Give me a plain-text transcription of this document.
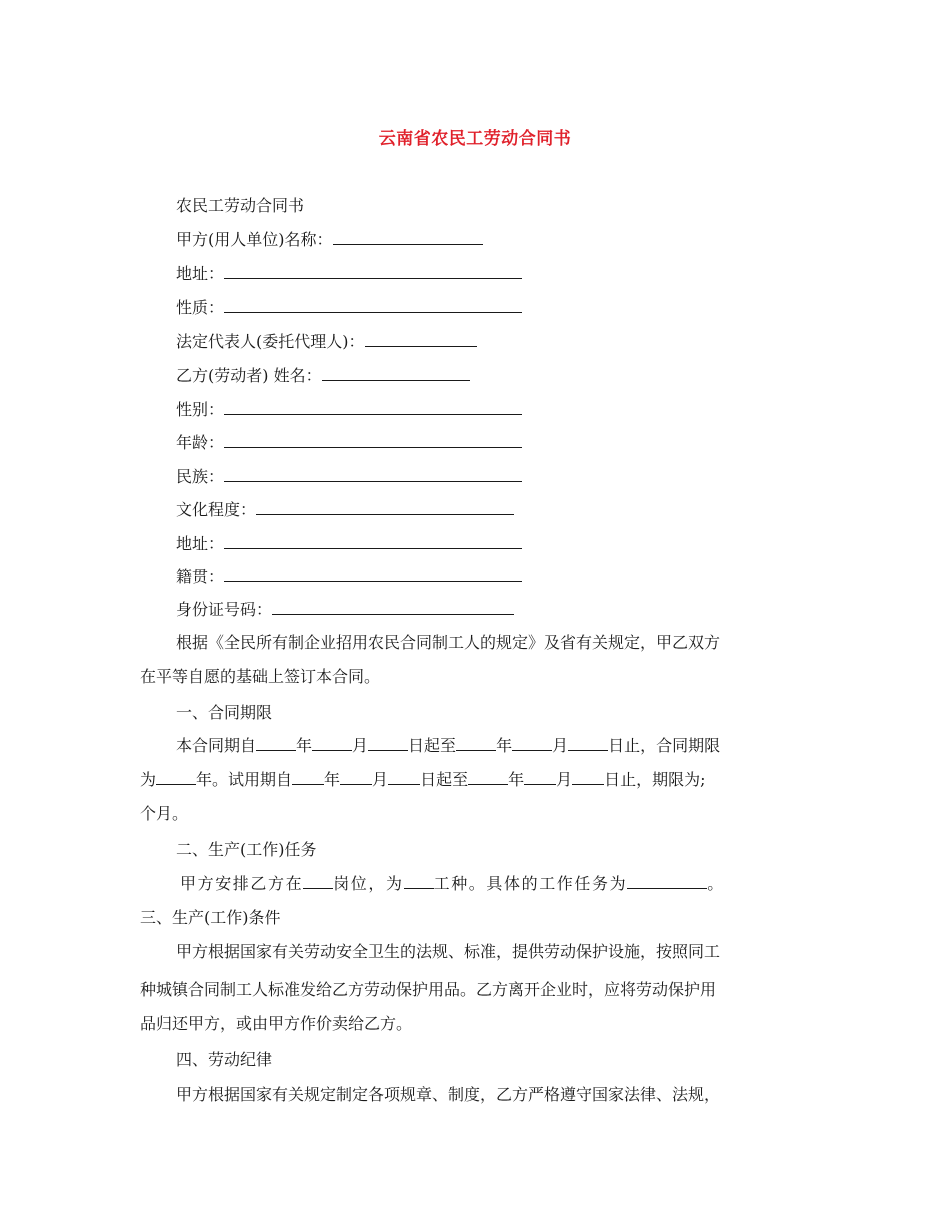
云南省农民工劳动合同书
农民工劳动合同书
甲方(用人单位)名称：
地址：
性质：
法定代表人(委托代理人)：
乙方(劳动者) 姓名：
性别：
年龄：
民族：
文化程度：
地址：
籍贯：
身份证号码：
根据《全民所有制企业招用农民合同制工人的规定》及省有关规定，甲乙双方
在平等自愿的基础上签订本合同。
一、合同期限
本合同期自	年	月	日起至	年	月	日止，合同期限
为	年。试用期自 年 月 日起至	年 月 日止，期限为;
个月。
二、生产(工作)任务
甲方安排乙方在 岗位，为 工种。具体的工作任务为	。
三、生产(工作)条件
甲方根据国家有关劳动安全卫生的法规、标准，提供劳动保护设施，按照同工
种城镇合同制工人标准发给乙方劳动保护用品。乙方离开企业时，应将劳动保护用
品归还甲方，或由甲方作价卖给乙方。
四、劳动纪律
甲方根据国家有关规定制定各项规章、制度，乙方严格遵守国家法律、法规，
